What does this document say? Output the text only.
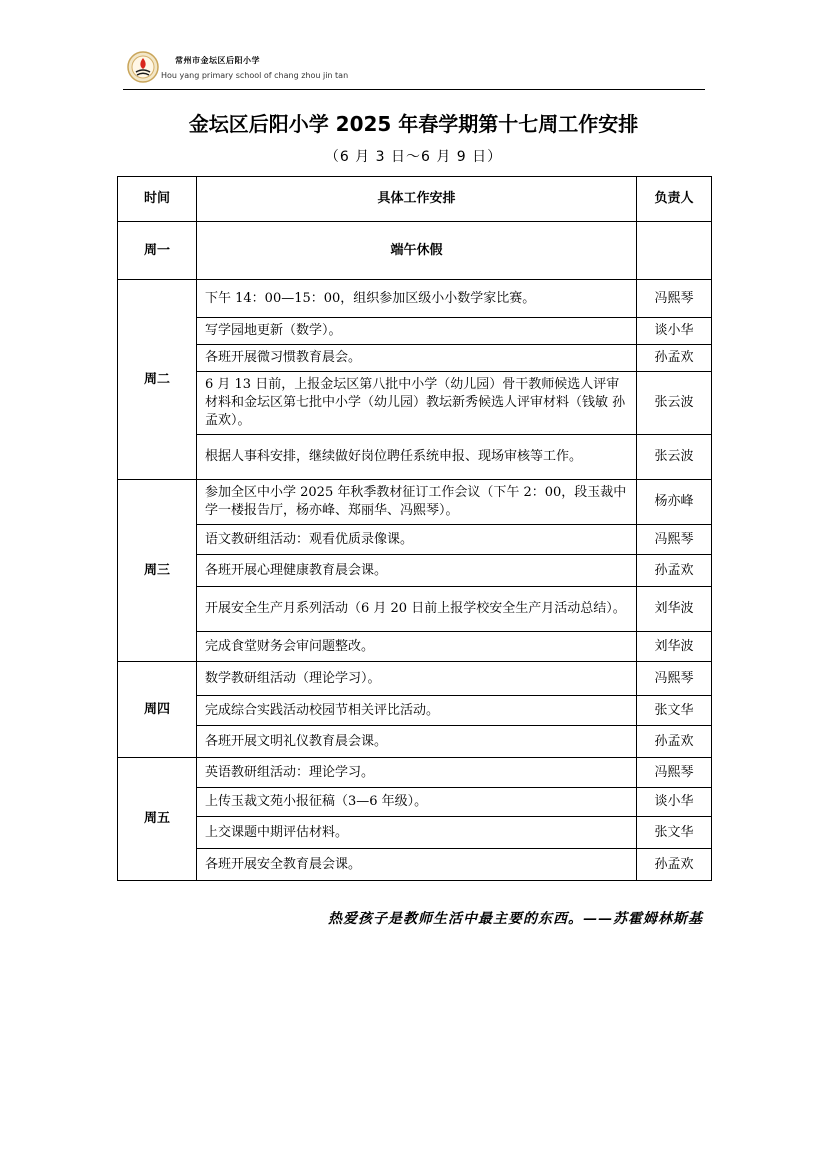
常州市金坛区后阳小学
Hou yang primary school of chang zhou jin tan
金坛区后阳小学 2025 年春学期第十七周工作安排
（6 月 3 日～6 月 9 日）
时间	具体工作安排	负责人
周一	端午休假	
周二	下午 14：00—15：00，组织参加区级小小数学家比赛。	冯熙琴
	写学园地更新（数学）。	谈小华
	各班开展微习惯教育晨会。	孙孟欢
	6 月 13 日前，上报金坛区第八批中小学（幼儿园）骨干教师候选人评审材料和金坛区第七批中小学（幼儿园）教坛新秀候选人评审材料（钱敏 孙孟欢）。	张云波
	根据人事科安排，继续做好岗位聘任系统申报、现场审核等工作。	张云波
周三	参加全区中小学 2025 年秋季教材征订工作会议（下午 2：00，段玉裁中学一楼报告厅，杨亦峰、郑丽华、冯熙琴）。	杨亦峰
	语文教研组活动：观看优质录像课。	冯熙琴
	各班开展心理健康教育晨会课。	孙孟欢
	开展安全生产月系列活动（6 月 20 日前上报学校安全生产月活动总结）。	刘华波
	完成食堂财务会审问题整改。	刘华波
周四	数学教研组活动（理论学习）。	冯熙琴
	完成综合实践活动校园节相关评比活动。	张文华
	各班开展文明礼仪教育晨会课。	孙孟欢
周五	英语教研组活动：理论学习。	冯熙琴
	上传玉裁文苑小报征稿（3—6 年级）。	谈小华
	上交课题中期评估材料。	张文华
	各班开展安全教育晨会课。	孙孟欢
热爱孩子是教师生活中最主要的东西。——苏霍姆林斯基
